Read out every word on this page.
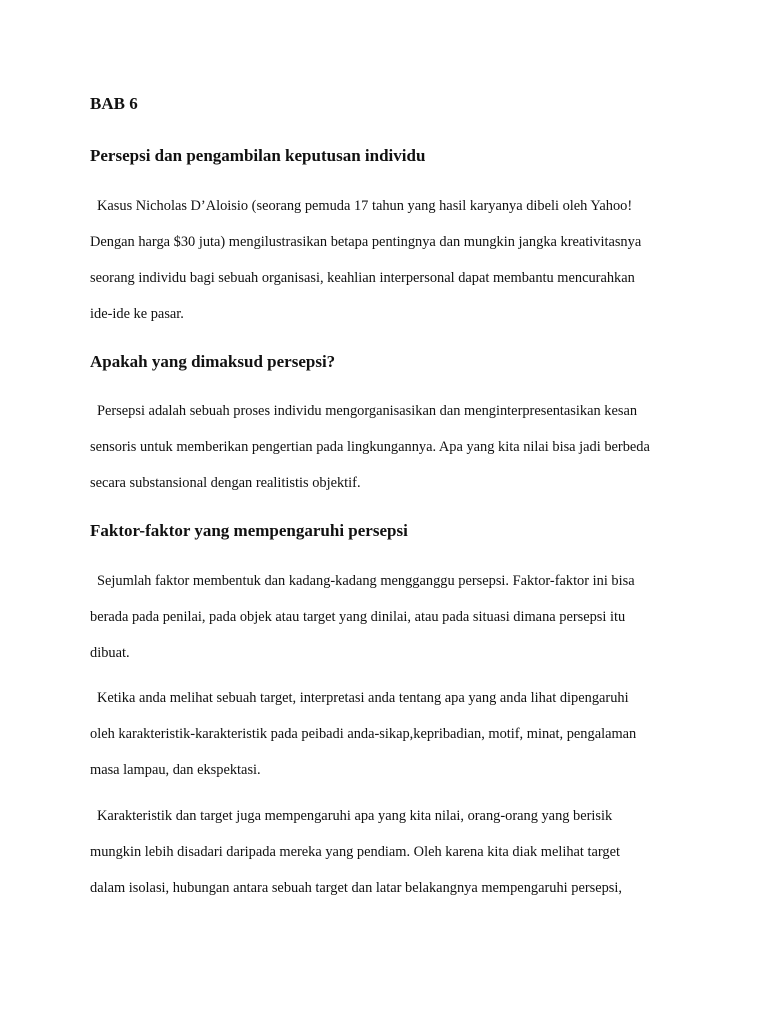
BAB 6
Persepsi dan pengambilan keputusan individu
Kasus Nicholas D’Aloisio (seorang pemuda 17 tahun yang hasil karyanya dibeli oleh Yahoo!
Dengan harga $30 juta) mengilustrasikan betapa pentingnya dan mungkin jangka kreativitasnya
seorang individu bagi sebuah organisasi, keahlian interpersonal dapat membantu mencurahkan
ide-ide ke pasar.
Apakah yang dimaksud persepsi?
Persepsi adalah sebuah proses individu mengorganisasikan dan menginterpresentasikan kesan
sensoris untuk memberikan pengertian pada lingkungannya. Apa yang kita nilai bisa jadi berbeda
secara substansional dengan realitistis objektif.
Faktor-faktor yang mempengaruhi persepsi
Sejumlah faktor membentuk dan kadang-kadang mengganggu persepsi. Faktor-faktor ini bisa
berada pada penilai, pada objek atau target yang dinilai, atau pada situasi dimana persepsi itu
dibuat.
Ketika anda melihat sebuah target, interpretasi anda tentang apa yang anda lihat dipengaruhi
oleh karakteristik-karakteristik pada peibadi anda-sikap,kepribadian, motif, minat, pengalaman
masa lampau, dan ekspektasi.
Karakteristik dan target juga mempengaruhi apa yang kita nilai, orang-orang yang berisik
mungkin lebih disadari daripada mereka yang pendiam. Oleh karena kita diak melihat target
dalam isolasi, hubungan antara sebuah target dan latar belakangnya mempengaruhi persepsi,
